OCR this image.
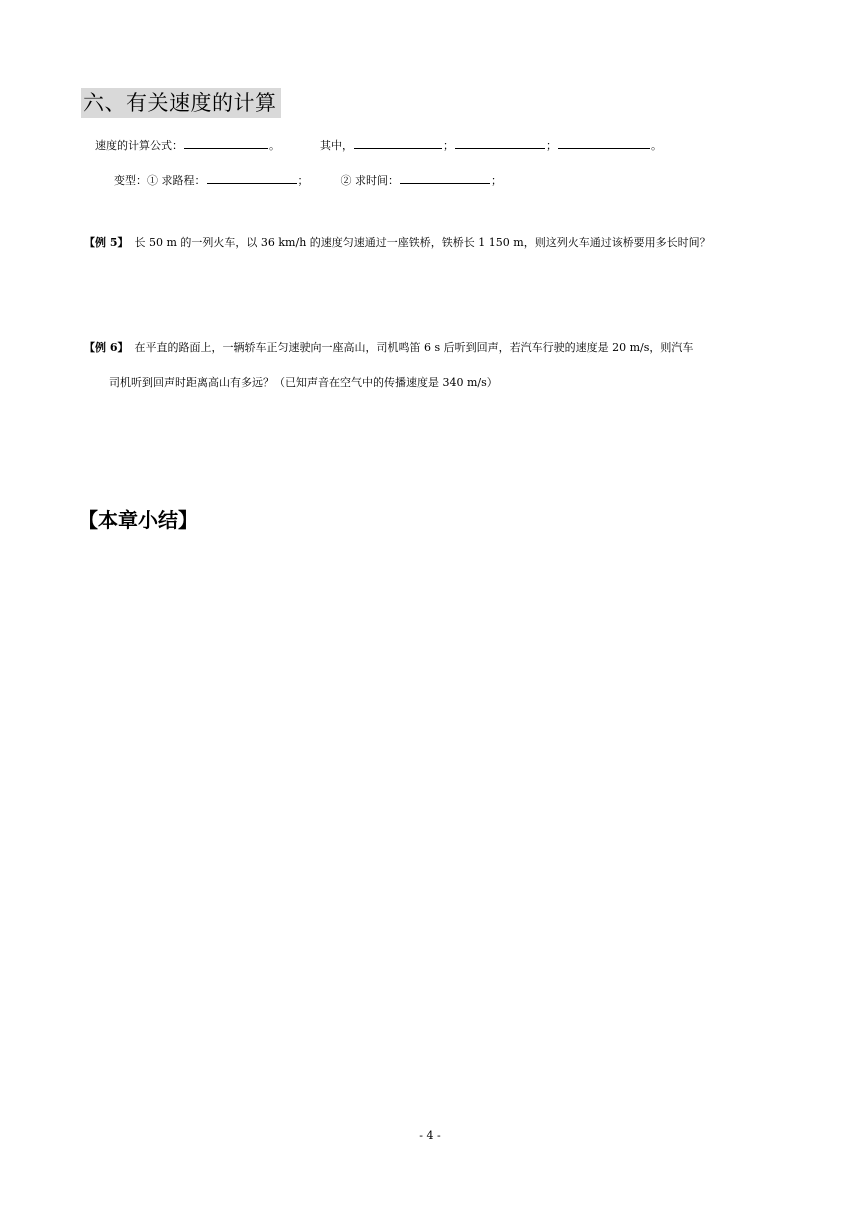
六、有关速度的计算
速度的计算公式：	。	其中，	；	；	。
变型：① 求路程：	；	② 求时间：	；
【例 5】 长 50 m 的一列火车，以 36 km/h 的速度匀速通过一座铁桥，铁桥长 1 150 m，则这列火车通过该桥要用多长时间？
【例 6】 在平直的路面上，一辆轿车正匀速驶向一座高山，司机鸣笛 6 s 后听到回声，若汽车行驶的速度是 20 m/s，则汽车
司机听到回声时距离高山有多远？（已知声音在空气中的传播速度是 340 m/s）
【本章小结】
- 4 -
